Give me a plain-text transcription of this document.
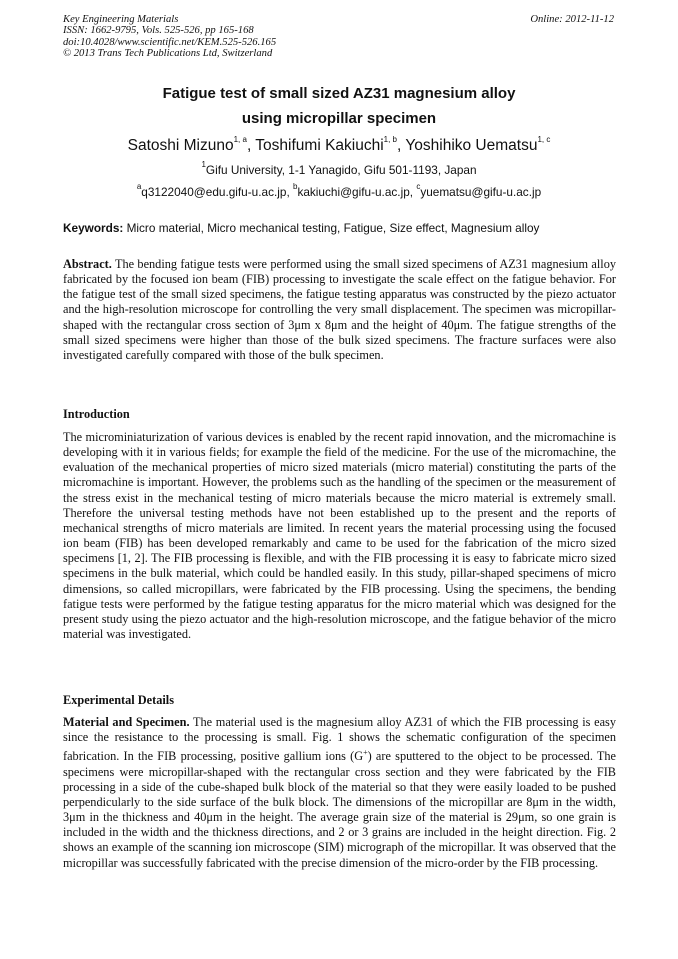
Key Engineering Materials
ISSN: 1662-9795, Vols. 525-526, pp 165-168
doi:10.4028/www.scientific.net/KEM.525-526.165
© 2013 Trans Tech Publications Ltd, Switzerland
Online: 2012-11-12
Fatigue test of small sized AZ31 magnesium alloy
using micropillar specimen
Satoshi Mizuno$^{1, a}$, Toshifumi Kakiuchi$^{1, b}$, Yoshihiko Uematsu$^{1, c}$
$^1$Gifu University, 1-1 Yanagido, Gifu 501-1193, Japan
$^a$q3122040@edu.gifu-u.ac.jp, $^b$kakiuchi@gifu-u.ac.jp, $^c$yuematsu@gifu-u.ac.jp
Keywords: Micro material, Micro mechanical testing, Fatigue, Size effect, Magnesium alloy
Abstract. The bending fatigue tests were performed using the small sized specimens of AZ31 magnesium alloy fabricated by the focused ion beam (FIB) processing to investigate the scale effect on the fatigue behavior. For the fatigue test of the small sized specimens, the fatigue testing apparatus was constructed by the piezo actuator and the high-resolution microscope for controlling the very small displacement. The specimen was micropillar-shaped with the rectangular cross section of 3μm x 8μm and the height of 40μm. The fatigue strengths of the small sized specimens were higher than those of the bulk sized specimens. The fracture surfaces were also investigated carefully compared with those of the bulk specimen.
Introduction
The microminiaturization of various devices is enabled by the recent rapid innovation, and the micromachine is developing with it in various fields; for example the field of the medicine. For the use of the micromachine, the evaluation of the mechanical properties of micro sized materials (micro material) constituting the parts of the micromachine is important. However, the problems such as the handling of the specimen or the measurement of the stress exist in the mechanical testing of micro materials because the micro material is extremely small. Therefore the universal testing methods have not been established up to the present and the reports of mechanical strengths of micro materials are limited. In recent years the material processing using the focused ion beam (FIB) has been developed remarkably and came to be used for the fabrication of the micro sized specimens [1, 2]. The FIB processing is flexible, and with the FIB processing it is easy to fabricate micro sized specimens in the bulk material, which could be handled easily. In this study, pillar-shaped specimens of micro dimensions, so called micropillars, were fabricated by the FIB processing. Using the specimens, the bending fatigue tests were performed by the fatigue testing apparatus for the micro material which was designed for the present study using the piezo actuator and the high-resolution microscope, and the fatigue behavior of the micro material was investigated.
Experimental Details
Material and Specimen. The material used is the magnesium alloy AZ31 of which the FIB processing is easy since the resistance to the processing is small. Fig. 1 shows the schematic configuration of the specimen fabrication. In the FIB processing, positive gallium ions (G+) are sputtered to the object to be processed. The specimens were micropillar-shaped with the rectangular cross section and they were fabricated by the FIB processing in a side of the cube-shaped bulk block of the material so that they were easily loaded to be pushed perpendicularly to the side surface of the bulk block. The dimensions of the micropillar are 8μm in the width, 3μm in the thickness and 40μm in the height. The average grain size of the material is 29μm, so one grain is included in the width and the thickness directions, and 2 or 3 grains are included in the height direction. Fig. 2 shows an example of the scanning ion microscope (SIM) micrograph of the micropillar. It was observed that the micropillar was successfully fabricated with the precise dimension of the micro-order by the FIB processing.
